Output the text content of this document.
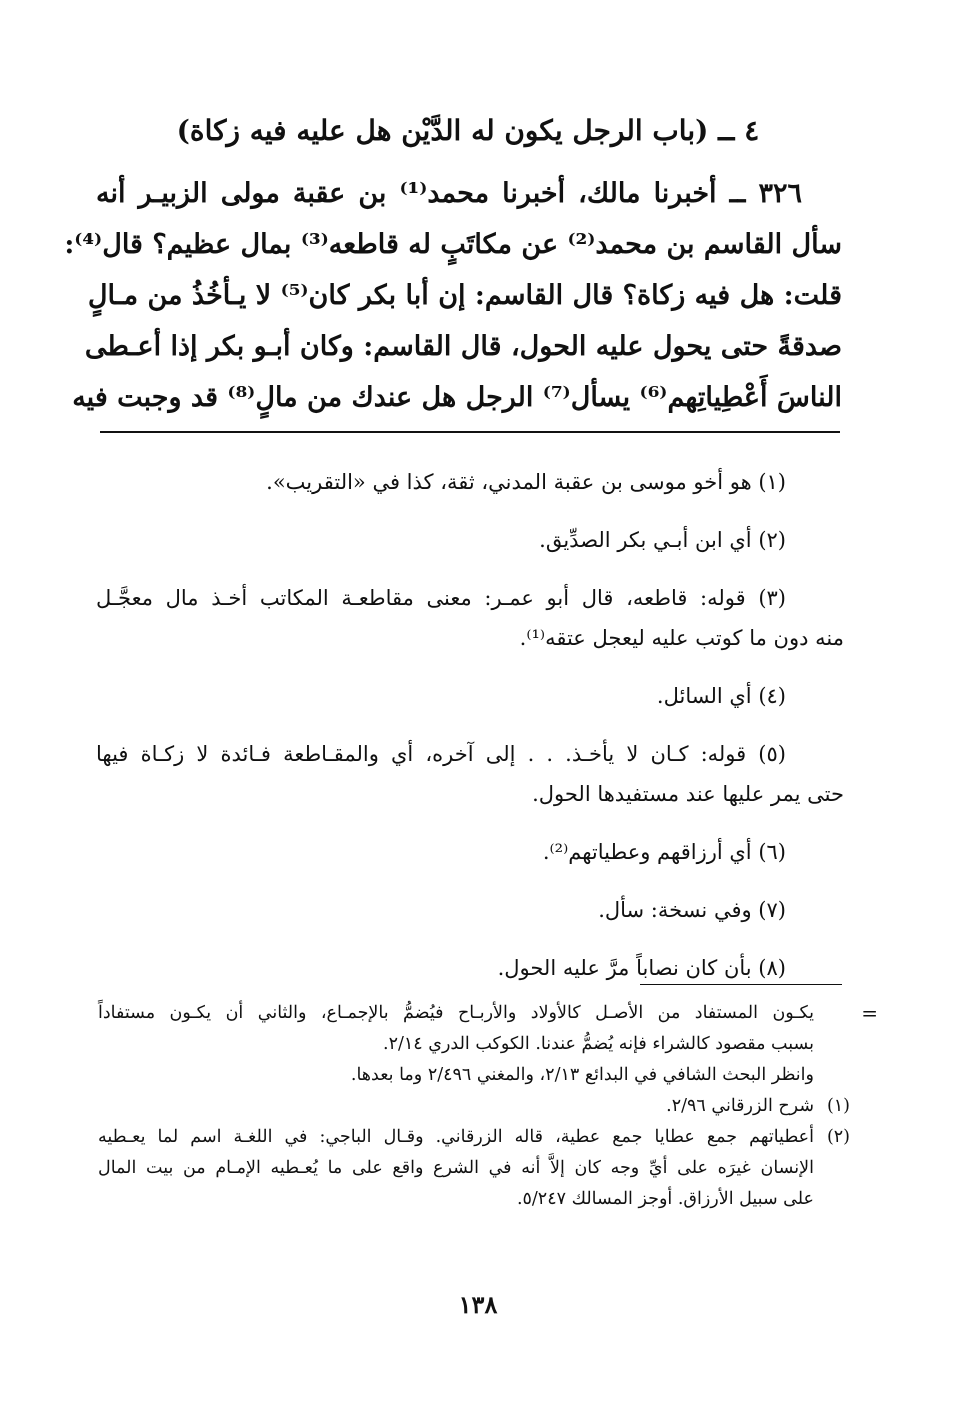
٤ ــ (باب الرجل يكون له الدَّيْن هل عليه فيه زكاة)
٣٢٦ ــ أخبرنا مالك، أخبرنا محمد⁽¹⁾ بن عقبة مولى الزبيـر أنه
سأل القاسم بن محمد⁽²⁾ عن مكاتَبٍ له قاطعه⁽³⁾ بمال عظيم؟ قال⁽⁴⁾:
قلت: هل فيه زكاة؟ قال القاسم: إن أبا بكر كان⁽⁵⁾ لا يـأخُذُ من مـالٍ
صدقةً حتى يحول عليه الحول، قال القاسم: وكان أبـو بكر إذا أعـطى
الناسَ أَعْطِياتِهم⁽⁶⁾ يسأل⁽⁷⁾ الرجل هل عندك من مالٍ⁽⁸⁾ قد وجبت فيه
(١) هو أخو موسى بن عقبة المدني، ثقة، كذا في «التقريب».
(٢) أي ابن أبـي بكر الصدِّيق.
(٣) قوله: قاطعه، قال أبو عمـر: معنى مقاطعـة المكاتب أخـذ مال معجَّـل
منه دون ما كوتب عليه ليعجل عتقه⁽¹⁾.
(٤) أي السائل.
(٥) قوله: كـان لا يأخـذ. . . إلى آخره، أي والمقـاطعة فـائدة لا زكـاة فيها
حتى يمر عليها عند مستفيدها الحول.
(٦) أي أرزاقهم وعطياتهم⁽²⁾.
(٧) وفي نسخة: سأل.
(٨) بأن كان نصاباً مرَّ عليه الحول.
=
يكـون المستفاد من الأصـل كالأولاد والأربـاح فيُضمُّ بالإجمـاع، والثاني أن يكـون مستفاداً
بسبب مقصود كالشراء فإنه يُضمُّ عندنا. الكوكب الدري ٢/١٤.
وانظر البحث الشافي في البدائع ٢/١٣، والمغني ٢/٤٩٦ وما بعدها.
(١)
شرح الزرقاني ٢/٩٦.
(٢)
أعطياتهم جمع عطايا جمع عطية، قاله الزرقاني. وقـال الباجي: في اللغـة اسم لما يعـطيه
الإنسان غيرَه على أيِّ وجه كان إلاَّ أنه في الشرع واقع على ما يُعـطيه الإمـام من بيت المال
على سبيل الأرزاق. أوجز المسالك ٥/٢٤٧.
١٣٨
